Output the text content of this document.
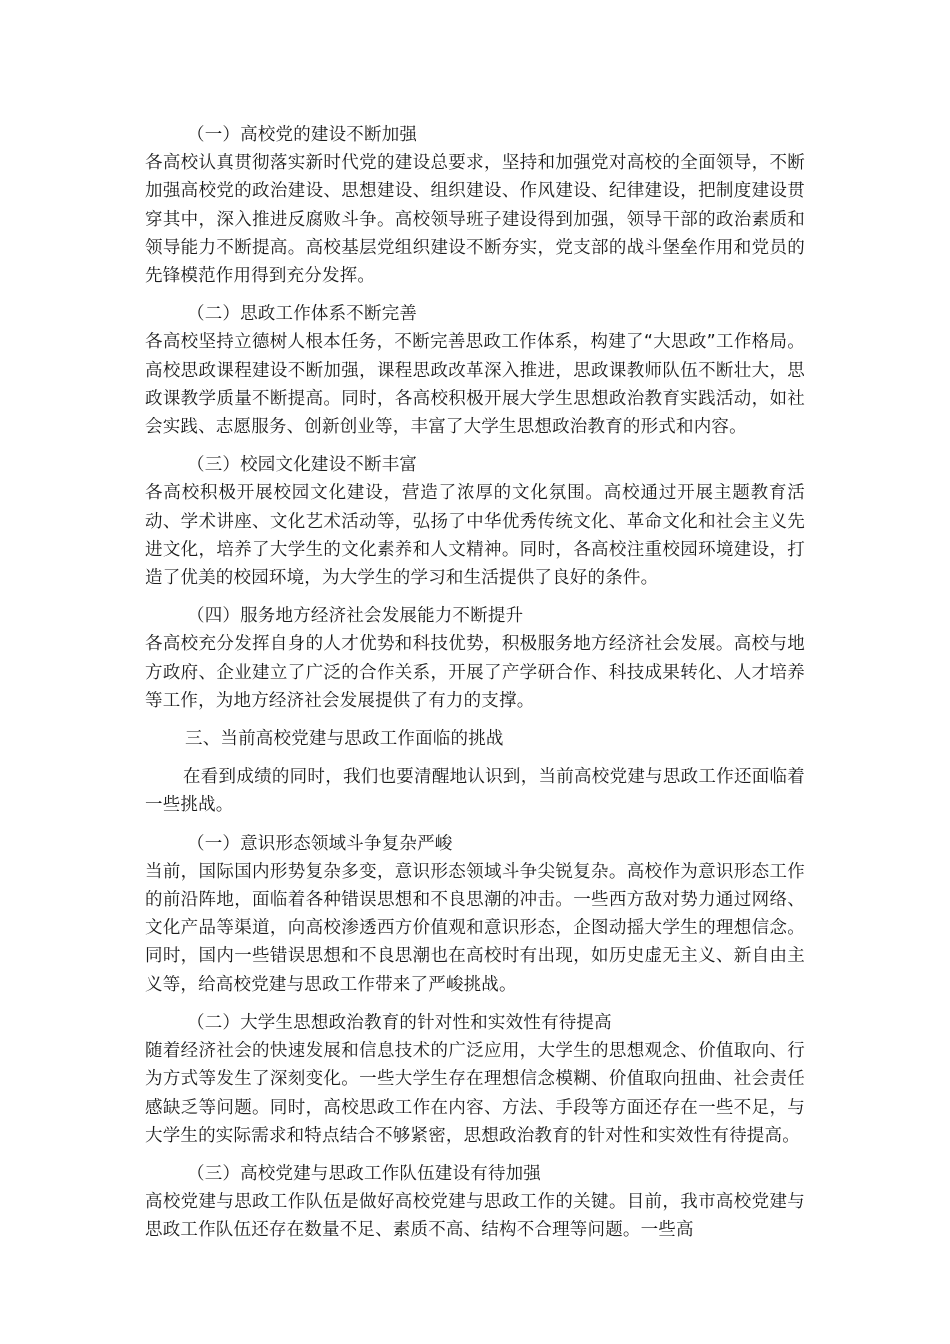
（一）高校党的建设不断加强

各高校认真贯彻落实新时代党的建设总要求，坚持和加强党对高校的全面领导，不断加强高校党的政治建设、思想建设、组织建设、作风建设、纪律建设，把制度建设贯穿其中，深入推进反腐败斗争。高校领导班子建设得到加强，领导干部的政治素质和领导能力不断提高。高校基层党组织建设不断夯实，党支部的战斗堡垒作用和党员的先锋模范作用得到充分发挥。

（二）思政工作体系不断完善

各高校坚持立德树人根本任务，不断完善思政工作体系，构建了“大思政”工作格局。高校思政课程建设不断加强，课程思政改革深入推进，思政课教师队伍不断壮大，思政课教学质量不断提高。同时，各高校积极开展大学生思想政治教育实践活动，如社会实践、志愿服务、创新创业等，丰富了大学生思想政治教育的形式和内容。

（三）校园文化建设不断丰富

各高校积极开展校园文化建设，营造了浓厚的文化氛围。高校通过开展主题教育活动、学术讲座、文化艺术活动等，弘扬了中华优秀传统文化、革命文化和社会主义先进文化，培养了大学生的文化素养和人文精神。同时，各高校注重校园环境建设，打造了优美的校园环境，为大学生的学习和生活提供了良好的条件。

（四）服务地方经济社会发展能力不断提升

各高校充分发挥自身的人才优势和科技优势，积极服务地方经济社会发展。高校与地方政府、企业建立了广泛的合作关系，开展了产学研合作、科技成果转化、人才培养等工作，为地方经济社会发展提供了有力的支撑。

三、当前高校党建与思政工作面临的挑战

在看到成绩的同时，我们也要清醒地认识到，当前高校党建与思政工作还面临着一些挑战。

（一）意识形态领域斗争复杂严峻

当前，国际国内形势复杂多变，意识形态领域斗争尖锐复杂。高校作为意识形态工作的前沿阵地，面临着各种错误思想和不良思潮的冲击。一些西方敌对势力通过网络、文化产品等渠道，向高校渗透西方价值观和意识形态，企图动摇大学生的理想信念。同时，国内一些错误思想和不良思潮也在高校时有出现，如历史虚无主义、新自由主义等，给高校党建与思政工作带来了严峻挑战。

（二）大学生思想政治教育的针对性和实效性有待提高

随着经济社会的快速发展和信息技术的广泛应用，大学生的思想观念、价值取向、行为方式等发生了深刻变化。一些大学生存在理想信念模糊、价值取向扭曲、社会责任感缺乏等问题。同时，高校思政工作在内容、方法、手段等方面还存在一些不足，与大学生的实际需求和特点结合不够紧密，思想政治教育的针对性和实效性有待提高。

（三）高校党建与思政工作队伍建设有待加强

高校党建与思政工作队伍是做好高校党建与思政工作的关键。目前，我市高校党建与思政工作队伍还存在数量不足、素质不高、结构不合理等问题。一些高
